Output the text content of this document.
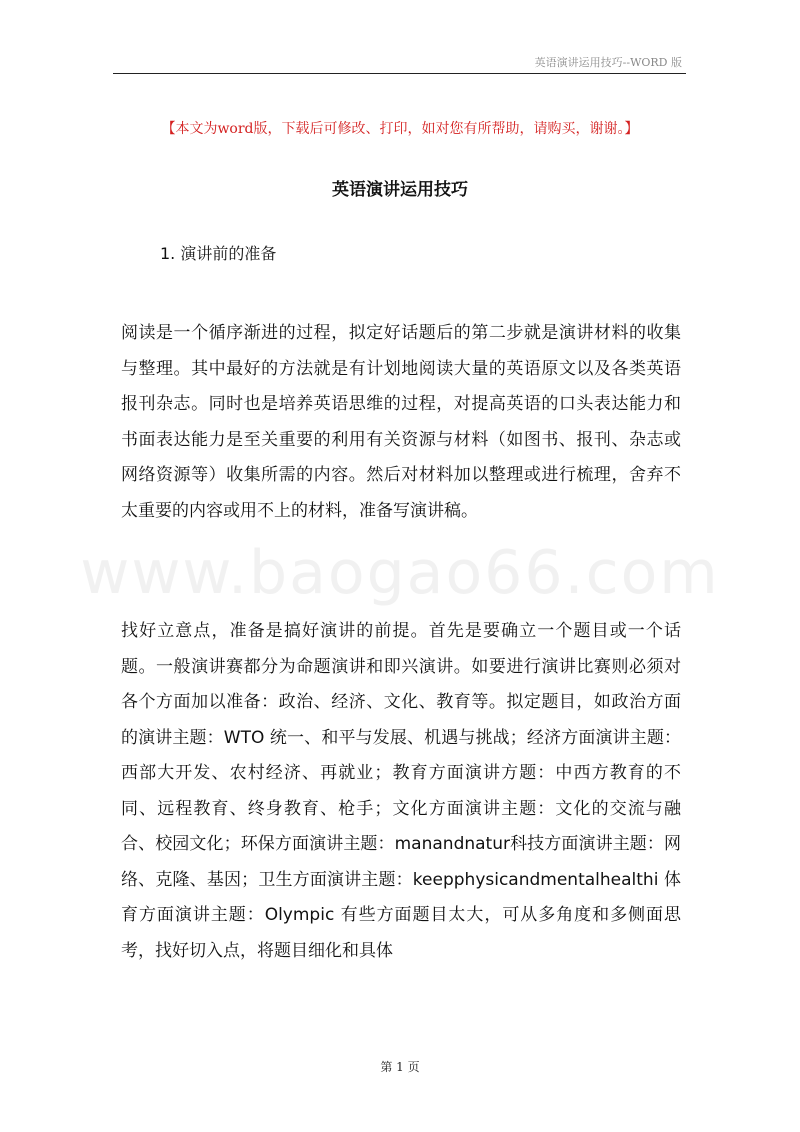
英语演讲运用技巧--WORD 版
www.baogao66.com
【本文为word版，下载后可修改、打印，如对您有所帮助，请购买，谢谢。】
英语演讲运用技巧
1. 演讲前的准备

阅读是一个循序渐进的过程，拟定好话题后的第二步就是演讲材料的收集与整理。其中最好的方法就是有计划地阅读大量的英语原文以及各类英语报刊杂志。同时也是培养英语思维的过程，对提高英语的口头表达能力和书面表达能力是至关重要的利用有关资源与材料（如图书、报刊、杂志或网络资源等）收集所需的内容。然后对材料加以整理或进行梳理，舍弃不太重要的内容或用不上的材料，准备写演讲稿。

找好立意点，准备是搞好演讲的前提。首先是要确立一个题目或一个话题。一般演讲赛都分为命题演讲和即兴演讲。如要进行演讲比赛则必须对各个方面加以准备：政治、经济、文化、教育等。拟定题目，如政治方面的演讲主题：WTO 统一、和平与发展、机遇与挑战；经济方面演讲主题：西部大开发、农村经济、再就业；教育方面演讲方题：中西方教育的不同、远程教育、终身教育、枪手；文化方面演讲主题：文化的交流与融合、校园文化；环保方面演讲主题：manandnatur科技方面演讲主题：网络、克隆、基因；卫生方面演讲主题：keepphysicandmentalhealthi 体育方面演讲主题：Olympic 有些方面题目太大，可从多角度和多侧面思考，找好切入点，将题目细化和具体

第 1 页
